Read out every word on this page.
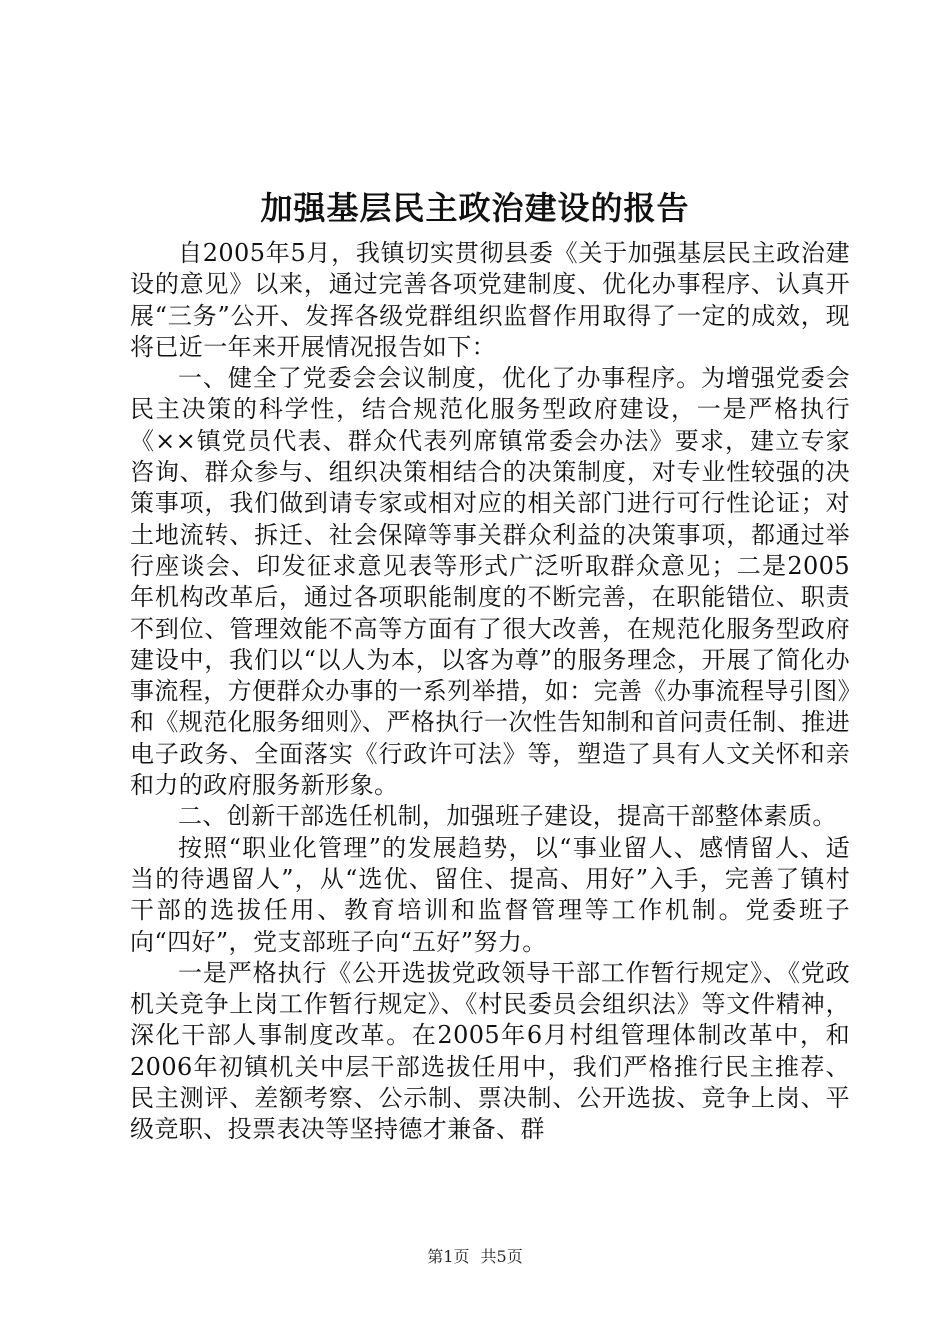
加强基层民主政治建设的报告

自2005年5月，我镇切实贯彻县委《关于加强基层民主政治建设的意见》以来，通过完善各项党建制度、优化办事程序、认真开展“三务”公开、发挥各级党群组织监督作用取得了一定的成效，现将已近一年来开展情况报告如下：

一、健全了党委会会议制度，优化了办事程序。为增强党委会民主决策的科学性，结合规范化服务型政府建设，一是严格执行《××镇党员代表、群众代表列席镇常委会办法》要求，建立专家咨询、群众参与、组织决策相结合的决策制度，对专业性较强的决策事项，我们做到请专家或相对应的相关部门进行可行性论证；对土地流转、拆迁、社会保障等事关群众利益的决策事项，都通过举行座谈会、印发征求意见表等形式广泛听取群众意见；二是2005年机构改革后，通过各项职能制度的不断完善，在职能错位、职责不到位、管理效能不高等方面有了很大改善，在规范化服务型政府建设中，我们以“以人为本，以客为尊”的服务理念，开展了简化办事流程，方便群众办事的一系列举措，如：完善《办事流程导引图》和《规范化服务细则》、严格执行一次性告知制和首问责任制、推进电子政务、全面落实《行政许可法》等，塑造了具有人文关怀和亲和力的政府服务新形象。

二、创新干部选任机制，加强班子建设，提高干部整体素质。

按照“职业化管理”的发展趋势，以“事业留人、感情留人、适当的待遇留人”，从“选优、留住、提高、用好”入手，完善了镇村干部的选拔任用、教育培训和监督管理等工作机制。党委班子向“四好”，党支部班子向“五好”努力。

一是严格执行《公开选拔党政领导干部工作暂行规定》、《党政机关竞争上岗工作暂行规定》、《村民委员会组织法》等文件精神，深化干部人事制度改革。在2005年6月村组管理体制改革中，和2006年初镇机关中层干部选拔任用中，我们严格推行民主推荐、民主测评、差额考察、公示制、票决制、公开选拔、竞争上岗、平级竞职、投票表决等坚持德才兼备、群

第1页 共5页
